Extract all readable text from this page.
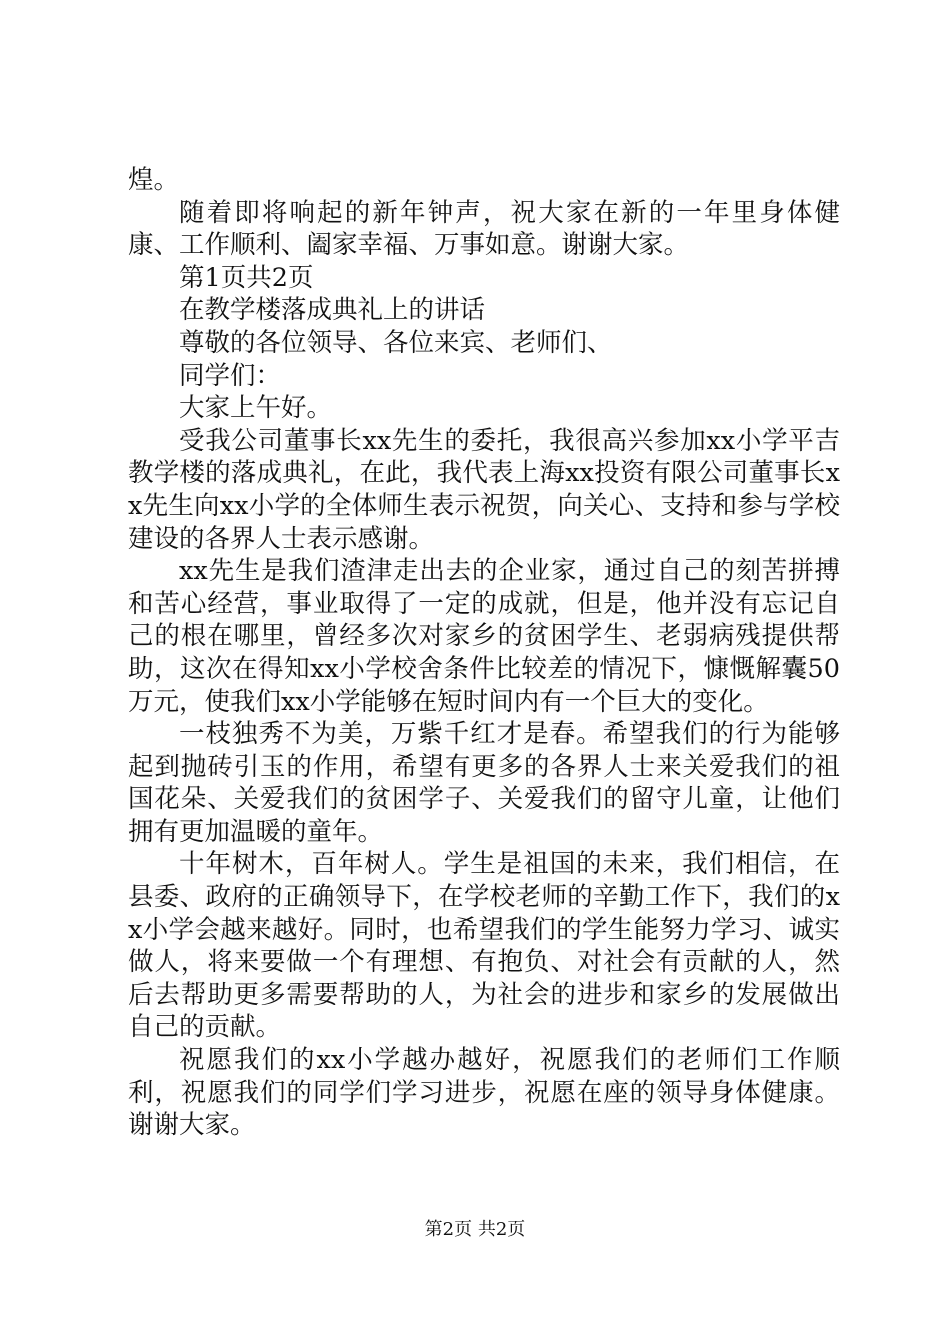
煌。

随着即将响起的新年钟声，祝大家在新的一年里身体健康、工作顺利、阖家幸福、万事如意。谢谢大家。

第1页共2页

在教学楼落成典礼上的讲话

尊敬的各位领导、各位来宾、老师们、

同学们：

大家上午好。

受我公司董事长xx先生的委托，我很高兴参加xx小学平吉教学楼的落成典礼，在此，我代表上海xx投资有限公司董事长xx先生向xx小学的全体师生表示祝贺，向关心、支持和参与学校建设的各界人士表示感谢。

xx先生是我们渣津走出去的企业家，通过自己的刻苦拼搏和苦心经营，事业取得了一定的成就，但是，他并没有忘记自己的根在哪里，曾经多次对家乡的贫困学生、老弱病残提供帮助，这次在得知xx小学校舍条件比较差的情况下，慷慨解囊50万元，使我们xx小学能够在短时间内有一个巨大的变化。

一枝独秀不为美，万紫千红才是春。希望我们的行为能够起到抛砖引玉的作用，希望有更多的各界人士来关爱我们的祖国花朵、关爱我们的贫困学子、关爱我们的留守儿童，让他们拥有更加温暖的童年。

十年树木，百年树人。学生是祖国的未来，我们相信，在县委、政府的正确领导下，在学校老师的辛勤工作下，我们的xx小学会越来越好。同时，也希望我们的学生能努力学习、诚实做人，将来要做一个有理想、有抱负、对社会有贡献的人，然后去帮助更多需要帮助的人，为社会的进步和家乡的发展做出自己的贡献。

祝愿我们的xx小学越办越好，祝愿我们的老师们工作顺利，祝愿我们的同学们学习进步，祝愿在座的领导身体健康。谢谢大家。

第2页 共2页
